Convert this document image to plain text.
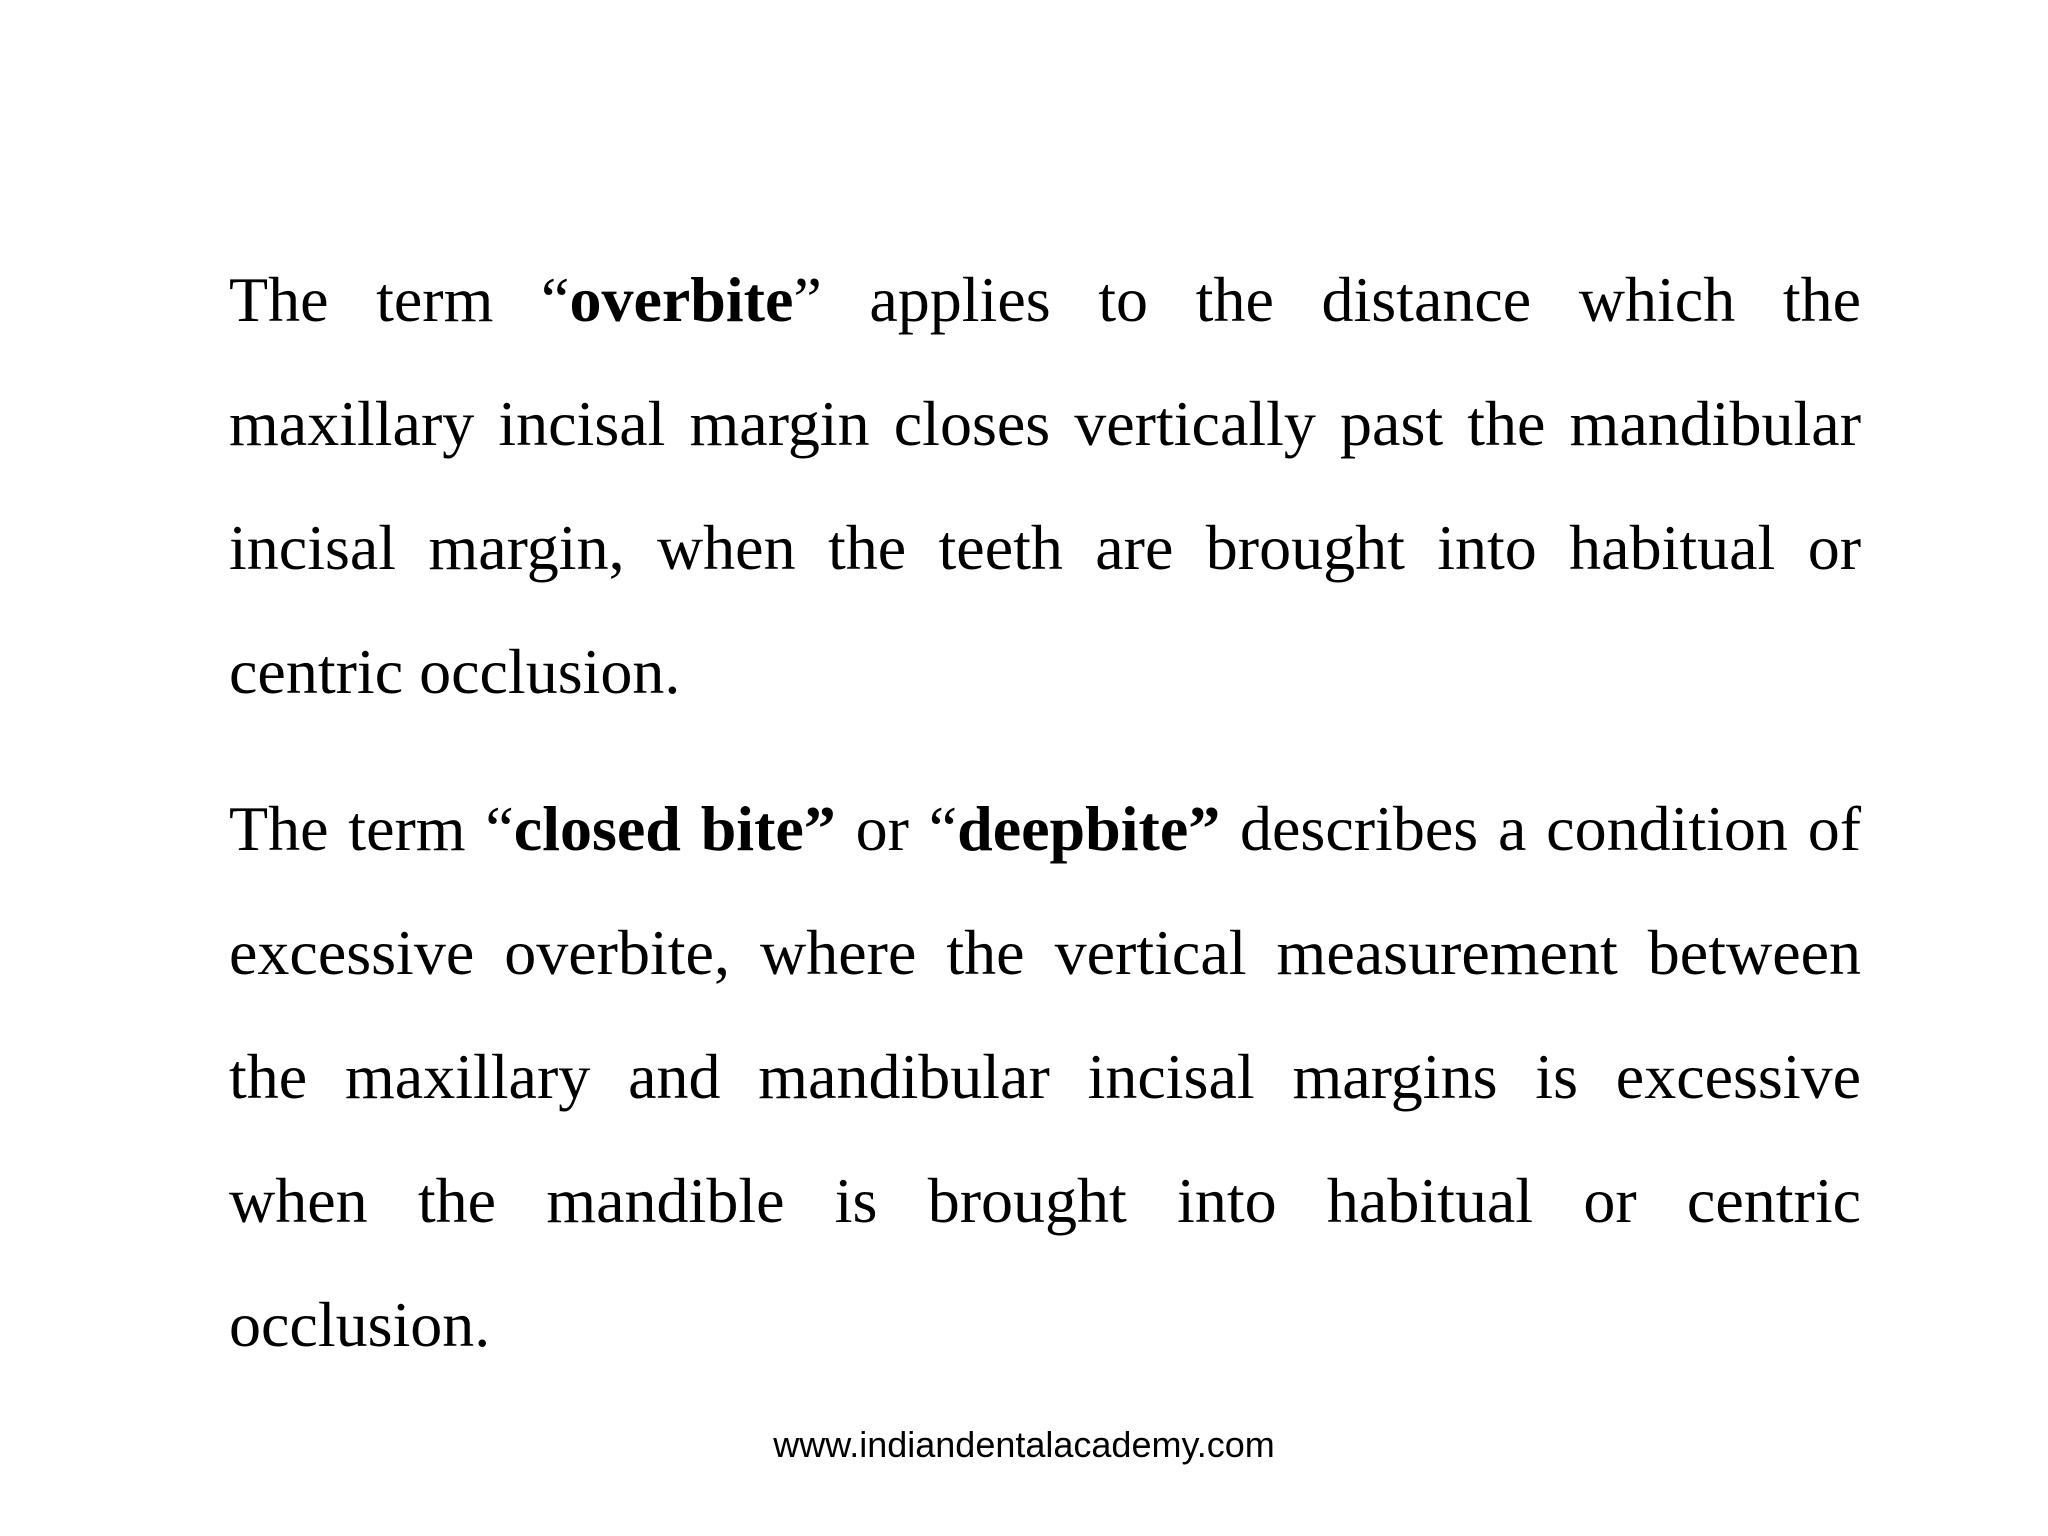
The term “overbite” applies to the distance which the maxillary incisal margin closes vertically past the mandibular incisal margin, when the teeth are brought into habitual or centric occlusion.

The term “closed bite” or “deepbite” describes a condition of excessive overbite, where the vertical measurement between the maxillary and mandibular incisal margins is excessive when the mandible is brought into habitual or centric occlusion.

www.indiandentalacademy.com
